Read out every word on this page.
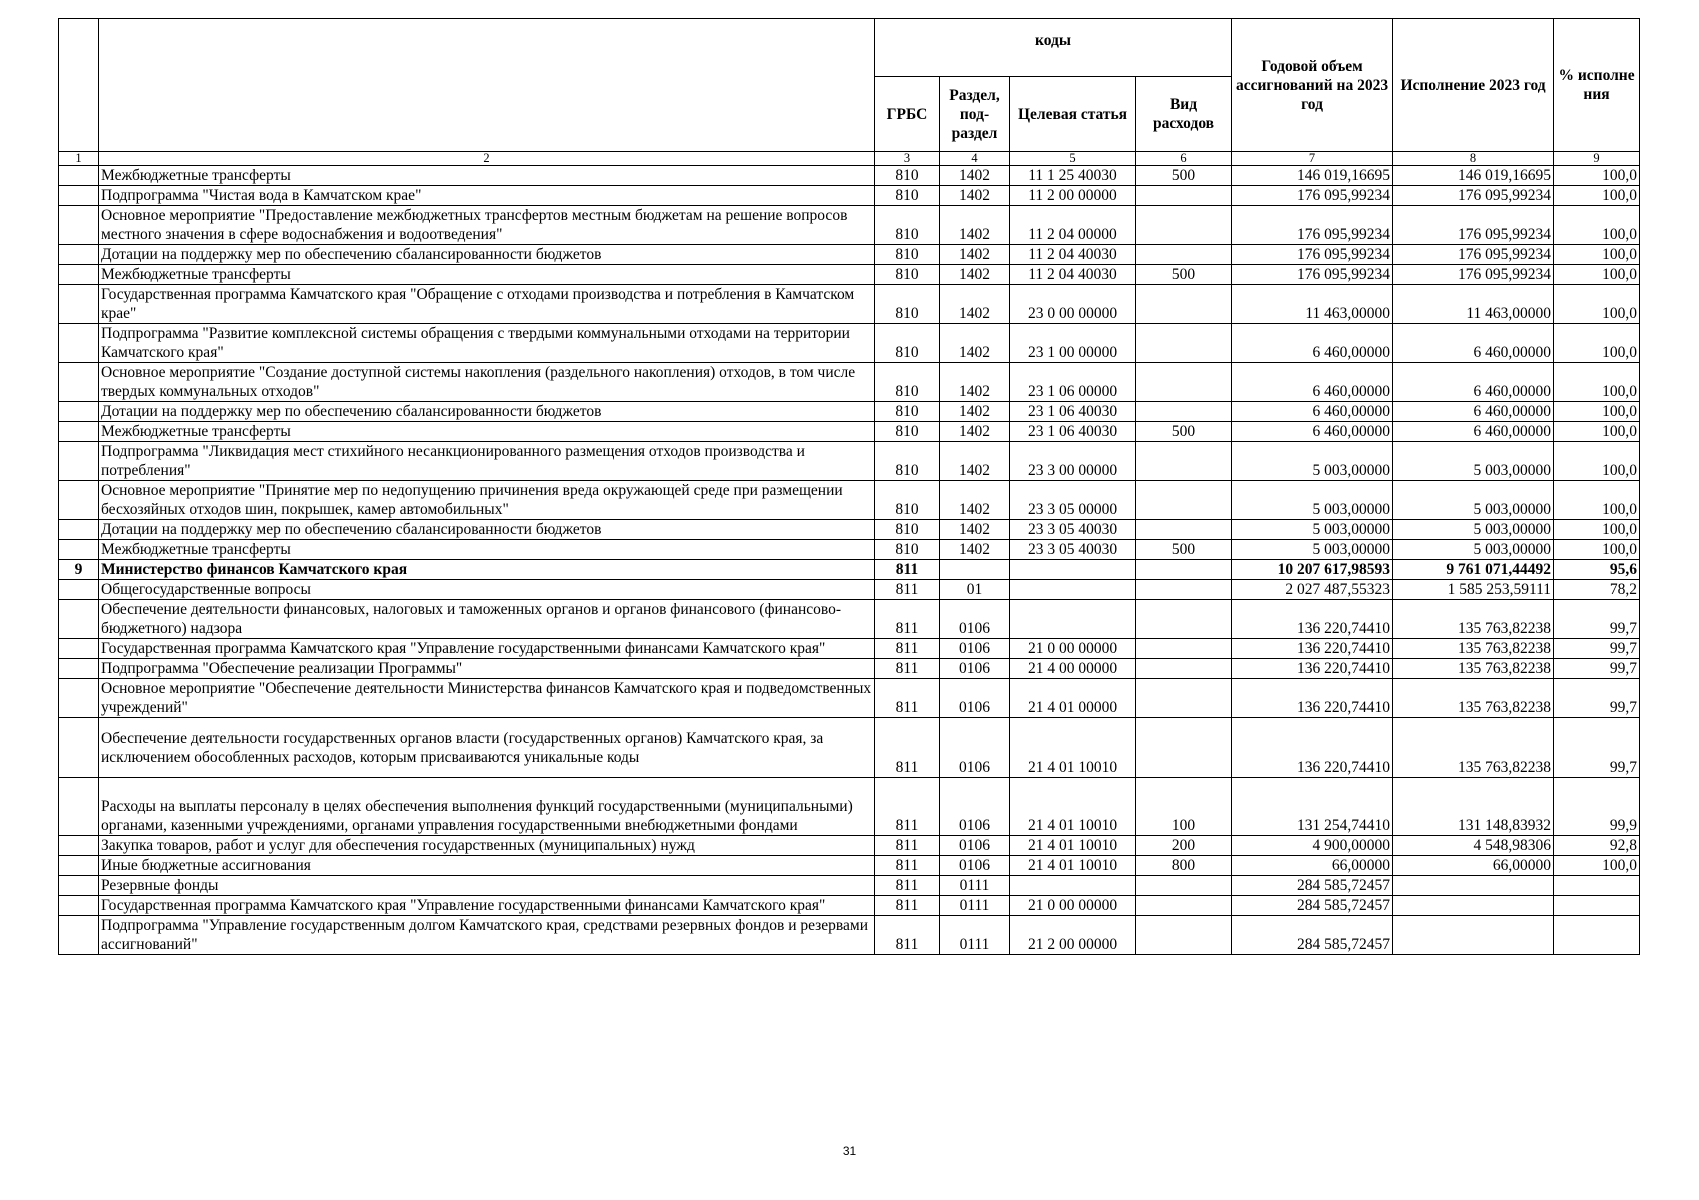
		коды				Годовой объем ассигнований на 2023 год	Исполнение 2023 год	% исполне ния
		ГРБС	Раздел, под-раздел	Целевая статья	Вид расходов			
1	2	3	4	5	6	7	8	9
	Межбюджетные трансферты	810	1402	11 1 25 40030	500	146 019,16695	146 019,16695	100,0
	Подпрограмма "Чистая вода в Камчатском крае"	810	1402	11 2 00 00000		176 095,99234	176 095,99234	100,0
	Основное мероприятие "Предоставление межбюджетных трансфертов местным бюджетам на решение вопросов местного значения в сфере водоснабжения и водоотведения"	810	1402	11 2 04 00000		176 095,99234	176 095,99234	100,0
	Дотации на поддержку мер по обеспечению сбалансированности бюджетов	810	1402	11 2 04 40030		176 095,99234	176 095,99234	100,0
	Межбюджетные трансферты	810	1402	11 2 04 40030	500	176 095,99234	176 095,99234	100,0
	Государственная программа Камчатского края "Обращение с отходами производства и потребления в Камчатском крае"	810	1402	23 0 00 00000		11 463,00000	11 463,00000	100,0
	Подпрограмма "Развитие комплексной системы обращения с твердыми коммунальными отходами на территории Камчатского края"	810	1402	23 1 00 00000		6 460,00000	6 460,00000	100,0
	Основное мероприятие "Создание доступной системы накопления (раздельного накопления) отходов, в том числе твердых коммунальных отходов"	810	1402	23 1 06 00000		6 460,00000	6 460,00000	100,0
	Дотации на поддержку мер по обеспечению сбалансированности бюджетов	810	1402	23 1 06 40030		6 460,00000	6 460,00000	100,0
	Межбюджетные трансферты	810	1402	23 1 06 40030	500	6 460,00000	6 460,00000	100,0
	Подпрограмма "Ликвидация мест стихийного несанкционированного размещения отходов производства и потребления"	810	1402	23 3 00 00000		5 003,00000	5 003,00000	100,0
	Основное мероприятие "Принятие мер по недопущению причинения вреда окружающей среде при размещении бесхозяйных отходов шин, покрышек, камер автомобильных"	810	1402	23 3 05 00000		5 003,00000	5 003,00000	100,0
	Дотации на поддержку мер по обеспечению сбалансированности бюджетов	810	1402	23 3 05 40030		5 003,00000	5 003,00000	100,0
	Межбюджетные трансферты	810	1402	23 3 05 40030	500	5 003,00000	5 003,00000	100,0
9	Министерство финансов Камчатского края	811				10 207 617,98593	9 761 071,44492	95,6
	Общегосударственные вопросы	811	01			2 027 487,55323	1 585 253,59111	78,2
	Обеспечение деятельности финансовых, налоговых и таможенных органов и органов финансового (финансово-бюджетного) надзора	811	0106			136 220,74410	135 763,82238	99,7
	Государственная программа Камчатского края "Управление государственными финансами Камчатского края"	811	0106	21 0 00 00000		136 220,74410	135 763,82238	99,7
	Подпрограмма "Обеспечение реализации Программы"	811	0106	21 4 00 00000		136 220,74410	135 763,82238	99,7
	Основное мероприятие "Обеспечение деятельности Министерства финансов Камчатского края и подведомственных учреждений"	811	0106	21 4 01 00000		136 220,74410	135 763,82238	99,7
	Обеспечение деятельности государственных органов власти (государственных органов) Камчатского края, за исключением обособленных расходов, которым присваиваются уникальные коды	811	0106	21 4 01 10010		136 220,74410	135 763,82238	99,7
	Расходы на выплаты персоналу в целях обеспечения выполнения функций государственными (муниципальными) органами, казенными учреждениями, органами управления государственными внебюджетными фондами	811	0106	21 4 01 10010	100	131 254,74410	131 148,83932	99,9
	Закупка товаров, работ и услуг для обеспечения государственных (муниципальных) нужд	811	0106	21 4 01 10010	200	4 900,00000	4 548,98306	92,8
	Иные бюджетные ассигнования	811	0106	21 4 01 10010	800	66,00000	66,00000	100,0
	Резервные фонды	811	0111			284 585,72457		
	Государственная программа Камчатского края "Управление государственными финансами Камчатского края"	811	0111	21 0 00 00000		284 585,72457		
	Подпрограмма "Управление государственным долгом Камчатского края, средствами резервных фондов и резервами ассигнований"	811	0111	21 2 00 00000		284 585,72457		
31
